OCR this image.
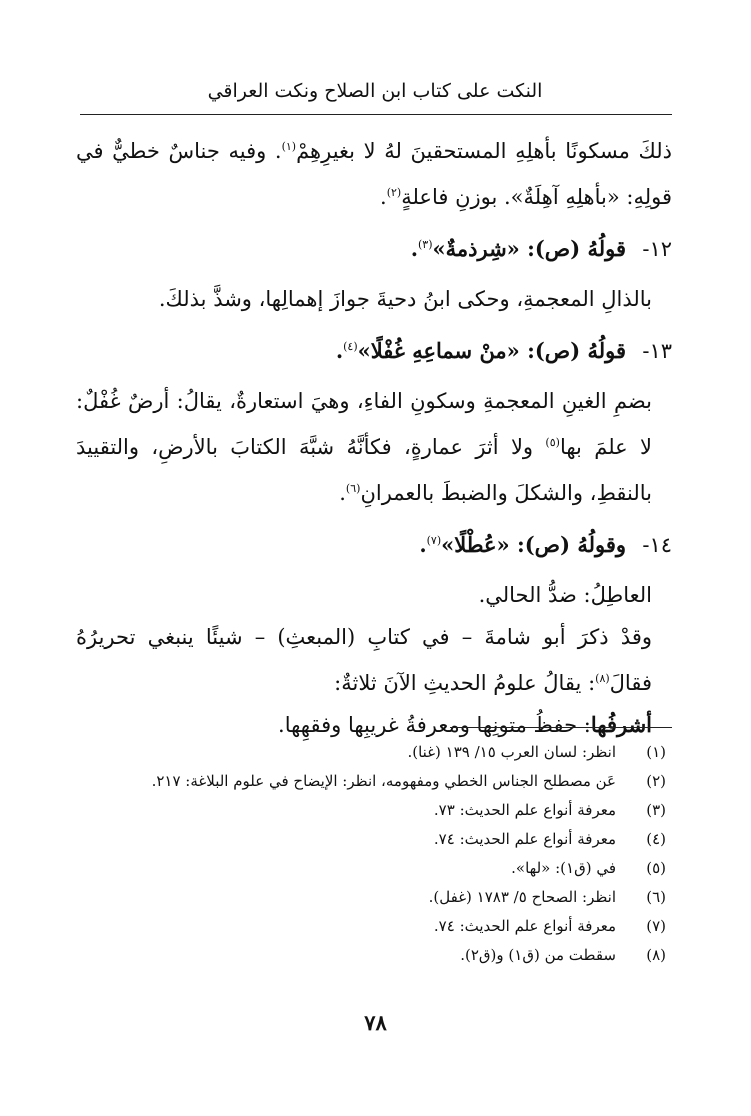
النكت على كتاب ابن الصلاح ونكت العراقي

ذلكَ مسكونًا بأهلِهِ المستحقينَ لهُ لا بغيرِهِمْ$^{(١)}$. وفيه جناسٌ خطيٌّ في قولِهِ: «بأهلِهِ آهِلَةٌ». بوزنِ فاعلةٍ$^{(٢)}$.

١٢-
قولُهُ (ص): «شِرذمةٌ»$^{(٣)}$.

بالذالِ المعجمةِ، وحكى ابنُ دحيةَ جوازَ إهمالِها، وشذَّ بذلكَ.

١٣-
قولُهُ (ص): «منْ سماعِهِ غُفْلًا»$^{(٤)}$.

بضمِ الغينِ المعجمةِ وسكونِ الفاءِ، وهيَ استعارةٌ، يقالُ: أرضٌ غُفْلٌ: لا علمَ بها$^{(٥)}$ ولا أثرَ عمارةٍ، فكأنَّهُ شبَّهَ الكتابَ بالأرضِ، والتقييدَ بالنقطِ، والشكلَ والضبطَ بالعمرانِ$^{(٦)}$.

١٤-
وقولُهُ (ص): «عُطْلًا»$^{(٧)}$.

العاطِلُ: ضدُّ الحالي.

وقدْ ذكرَ أبو شامةَ – في كتابِ (المبعثِ) – شيئًا ينبغي تحريرُهُ فقالَ$^{(٨)}$: يقالُ علومُ الحديثِ الآنَ ثلاثةٌ:

أشرفُها: حفظُ متونِها ومعرفةُ غريبِها وفقهِها.

(١)
انظر: لسان العرب ١٥/ ١٣٩ (غنا).
(٢)
عَن مصطلح الجناس الخطي ومفهومه، انظر: الإيضاح في علوم البلاغة: ٢١٧.
(٣)
معرفة أنواع علم الحديث: ٧٣.
(٤)
معرفة أنواع علم الحديث: ٧٤.
(٥)
في (ق١): «لها».
(٦)
انظر: الصحاح ٥/ ١٧٨٣ (غفل).
(٧)
معرفة أنواع علم الحديث: ٧٤.
(٨)
سقطت من (ق١) و(ق٢).
٧٨
